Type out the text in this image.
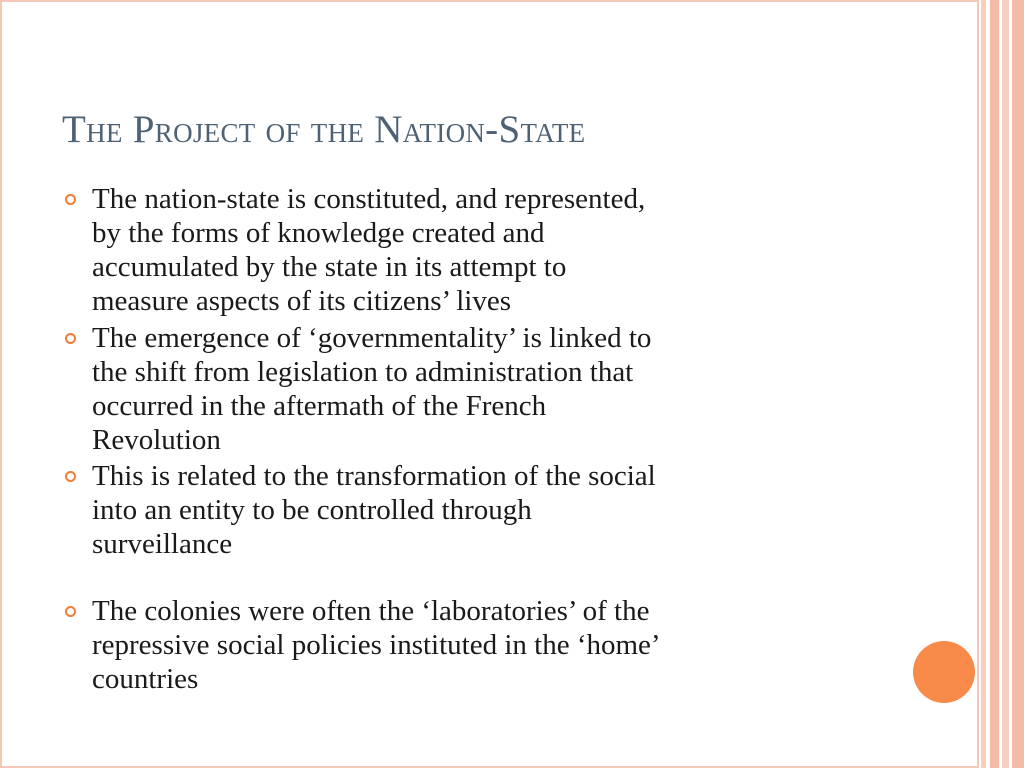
The Project of the Nation-State
The nation-state is constituted, and represented,
by the forms of knowledge created and
accumulated by the state in its attempt to
measure aspects of its citizens’ lives
The emergence of ‘governmentality’ is linked to
the shift from legislation to administration that
occurred in the aftermath of the French
Revolution
This is related to the transformation of the social
into an entity to be controlled through
surveillance
The colonies were often the ‘laboratories’ of the
repressive social policies instituted in the ‘home’
countries
